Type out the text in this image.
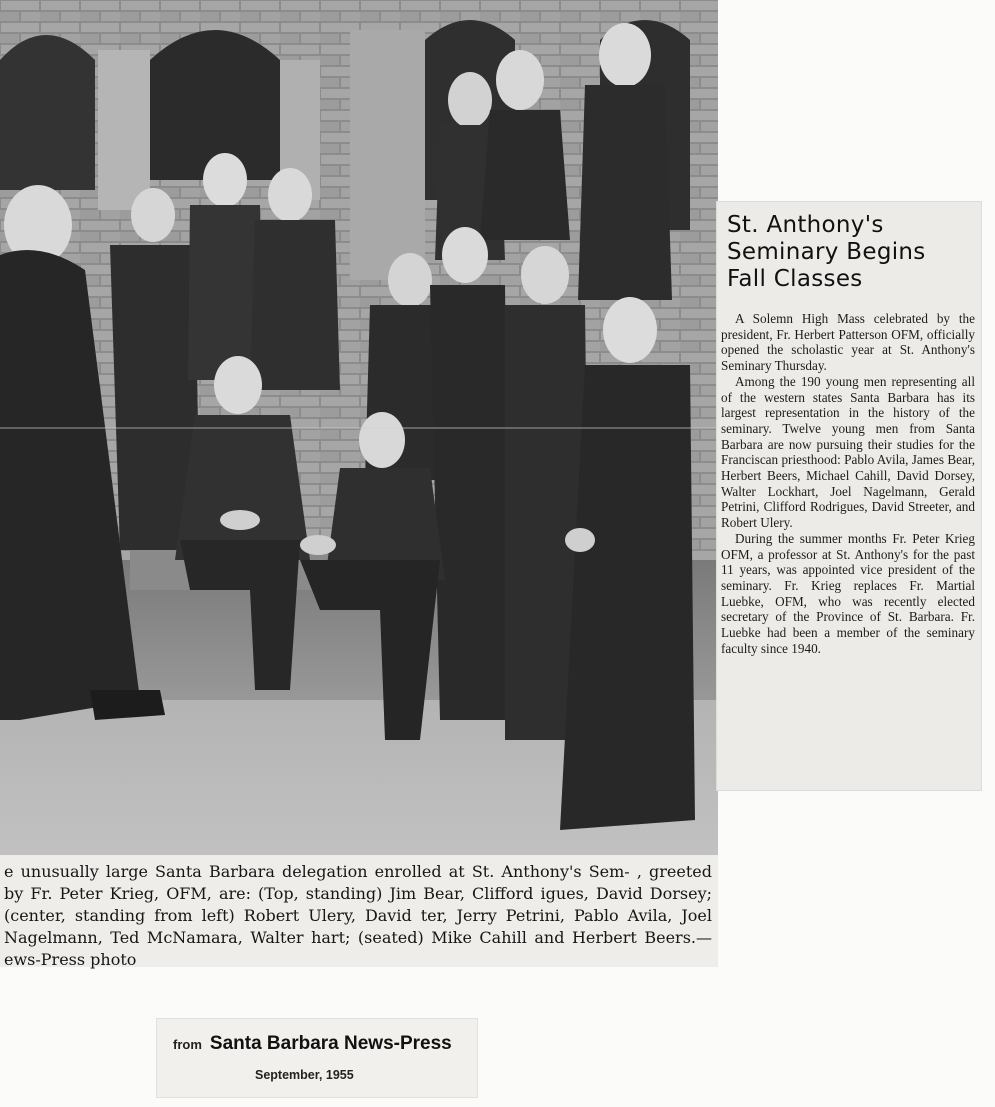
e unusually large Santa Barbara delegation enrolled at St. Anthony's Sem- , greeted by Fr. Peter Krieg, OFM, are: (Top, standing) Jim Bear, Clifford igues, David Dorsey; (center, standing from left) Robert Ulery, David ter, Jerry Petrini, Pablo Avila, Joel Nagelmann, Ted McNamara, Walter hart; (seated) Mike Cahill and Herbert Beers.— ews-Press photo
St. Anthony's
Seminary Begins
Fall Classes

A Solemn High Mass celebrated by the president, Fr. Herbert Patterson OFM, officially opened the scholastic year at St. Anthony's Seminary Thursday.

Among the 190 young men representing all of the western states Santa Barbara has its largest representation in the history of the seminary. Twelve young men from Santa Barbara are now pursuing their studies for the Franciscan priesthood: Pablo Avila, James Bear, Herbert Beers, Michael Cahill, David Dorsey, Walter Lockhart, Joel Nagelmann, Gerald Petrini, Clifford Rodrigues, David Streeter, and Robert Ulery.

During the summer months Fr. Peter Krieg OFM, a professor at St. Anthony's for the past 11 years, was appointed vice president of the seminary. Fr. Krieg replaces Fr. Martial Luebke, OFM, who was recently elected secretary of the Province of St. Barbara. Fr. Luebke had been a member of the seminary faculty since 1940.

from Santa Barbara News-Press
September, 1955
